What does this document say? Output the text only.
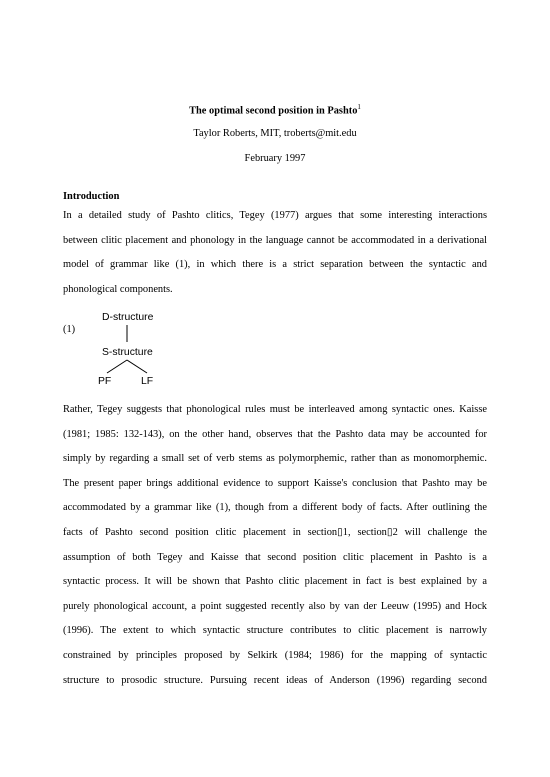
The optimal second position in Pashto$^1$
Taylor Roberts, MIT, troberts@mit.edu
February 1997
Introduction
In a detailed study of Pashto clitics, Tegey (1977) argues that some interesting interactions
between clitic placement and phonology in the language cannot be accommodated in a derivational
model of grammar like (1), in which there is a strict separation between the syntactic and
phonological components.
(1)
D-structure
S-structure
PF	LF
Rather, Tegey suggests that phonological rules must be interleaved among syntactic ones. Kaisse
(1981; 1985: 132-143), on the other hand, observes that the Pashto data may be accounted for
simply by regarding a small set of verb stems as polymorphemic, rather than as monomorphemic.
The present paper brings additional evidence to support Kaisse's conclusion that Pashto may be
accommodated by a grammar like (1), though from a different body of facts. After outlining the
facts of Pashto second position clitic placement in section▯1, section▯2 will challenge the
assumption of both Tegey and Kaisse that second position clitic placement in Pashto is a
syntactic process. It will be shown that Pashto clitic placement in fact is best explained by a
purely phonological account, a point suggested recently also by van der Leeuw (1995) and Hock
(1996). The extent to which syntactic structure contributes to clitic placement is narrowly
constrained by principles proposed by Selkirk (1984; 1986) for the mapping of syntactic
structure to prosodic structure. Pursuing recent ideas of Anderson (1996) regarding second
